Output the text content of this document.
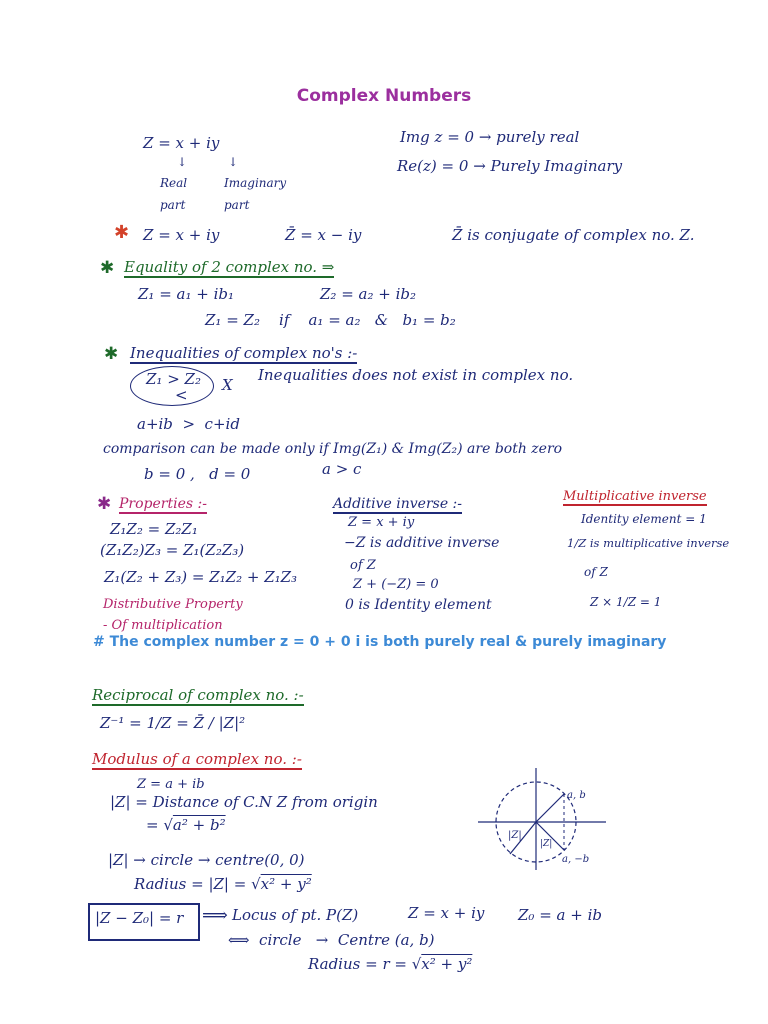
Complex Numbers
Z = x + iy
↓	↓
Real part
Imaginary part
Img z = 0 → purely real
Re(z) = 0 → Purely Imaginary
✱ Z = x + iy	Z̄ = x − iy	Z̄ is conjugate of complex no. Z.
✱ Equality of 2 complex no. ⇒
Z₁ = a₁ + ib₁	Z₂ = a₂ + ib₂
Z₁ = Z₂    if    a₁ = a₂   &   b₁ = b₂
✱ Inequalities of complex no's :-
Z₁ > Z₂
<
X
Inequalities does not exist in complex no.
a+ib  >  c+id
comparison can be made only if Img(Z₁) & Img(Z₂) are both zero
b = 0 ,   d = 0	a > c
✱ Properties :-
Z₁Z₂ = Z₂Z₁
(Z₁Z₂)Z₃ = Z₁(Z₂Z₃)
Z₁(Z₂ + Z₃) = Z₁Z₂ + Z₁Z₃
Distributive Property
- Of multiplication
Additive inverse :-
Z = x + iy
−Z is additive inverse
of Z
Z + (−Z) = 0
0 is Identity element
Multiplicative inverse
Identity element = 1
1/Z is multiplicative inverse
of Z
Z × 1/Z = 1
# The complex number z = 0 + 0 i is both purely real & purely imaginary
Reciprocal of complex no. :-
Z⁻¹ = 1/Z = Z̄ / |Z|²
Modulus of a complex no. :-
Z = a + ib
|Z| = Distance of C.N Z from origin
= √a² + b²
|Z| → circle → centre(0, 0)
Radius = |Z| = √x² + y²
a, b
a, −b
|Z|
|Z|
|Z − Z₀| = r ⟹ Locus of pt. P(Z)	Z = x + iy Z₀ = a + ib
⟺  circle   →  Centre (a, b)
Radius = r = √x² + y²
